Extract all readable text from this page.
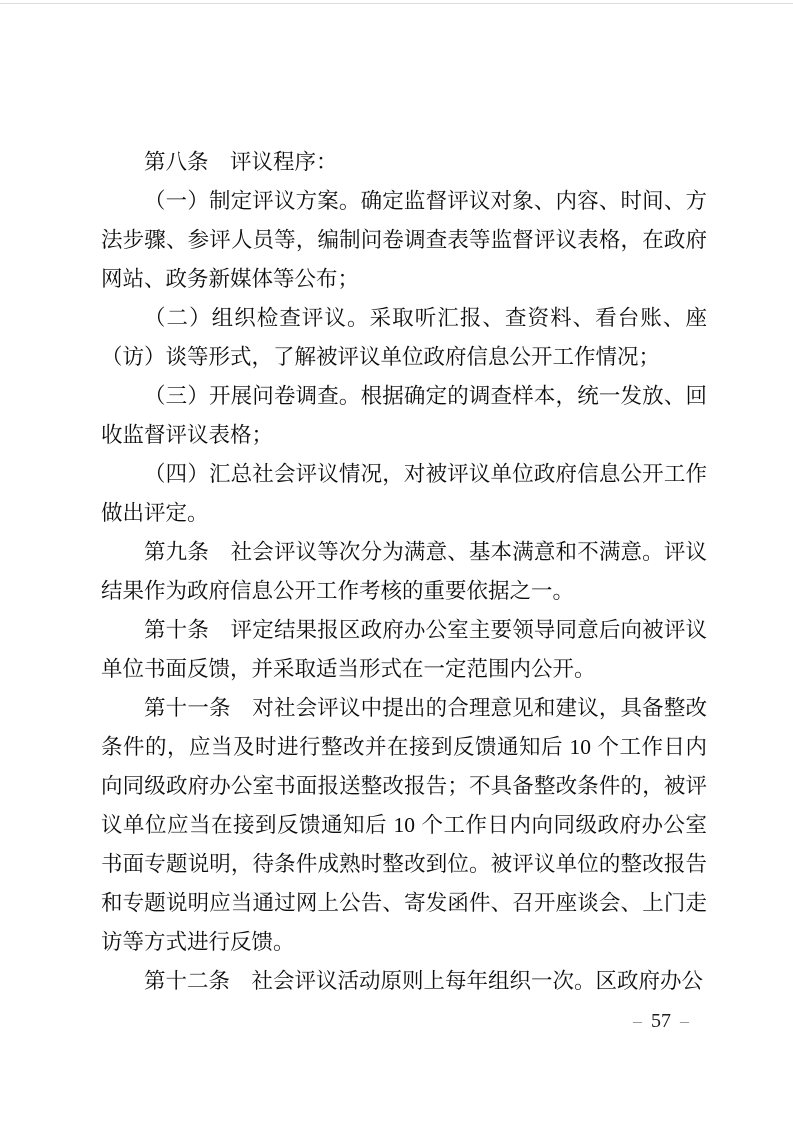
第八条　评议程序：

（一）制定评议方案。确定监督评议对象、内容、时间、方法步骤、参评人员等，编制问卷调查表等监督评议表格，在政府网站、政务新媒体等公布；

（二）组织检查评议。采取听汇报、查资料、看台账、座（访）谈等形式，了解被评议单位政府信息公开工作情况；

（三）开展问卷调查。根据确定的调查样本，统一发放、回收监督评议表格；

（四）汇总社会评议情况，对被评议单位政府信息公开工作做出评定。

第九条　社会评议等次分为满意、基本满意和不满意。评议结果作为政府信息公开工作考核的重要依据之一。

第十条　评定结果报区政府办公室主要领导同意后向被评议单位书面反馈，并采取适当形式在一定范围内公开。

第十一条　对社会评议中提出的合理意见和建议，具备整改条件的，应当及时进行整改并在接到反馈通知后 10 个工作日内向同级政府办公室书面报送整改报告；不具备整改条件的，被评议单位应当在接到反馈通知后 10 个工作日内向同级政府办公室书面专题说明，待条件成熟时整改到位。被评议单位的整改报告和专题说明应当通过网上公告、寄发函件、召开座谈会、上门走访等方式进行反馈。

第十二条　社会评议活动原则上每年组织一次。区政府办公

– 57 –
